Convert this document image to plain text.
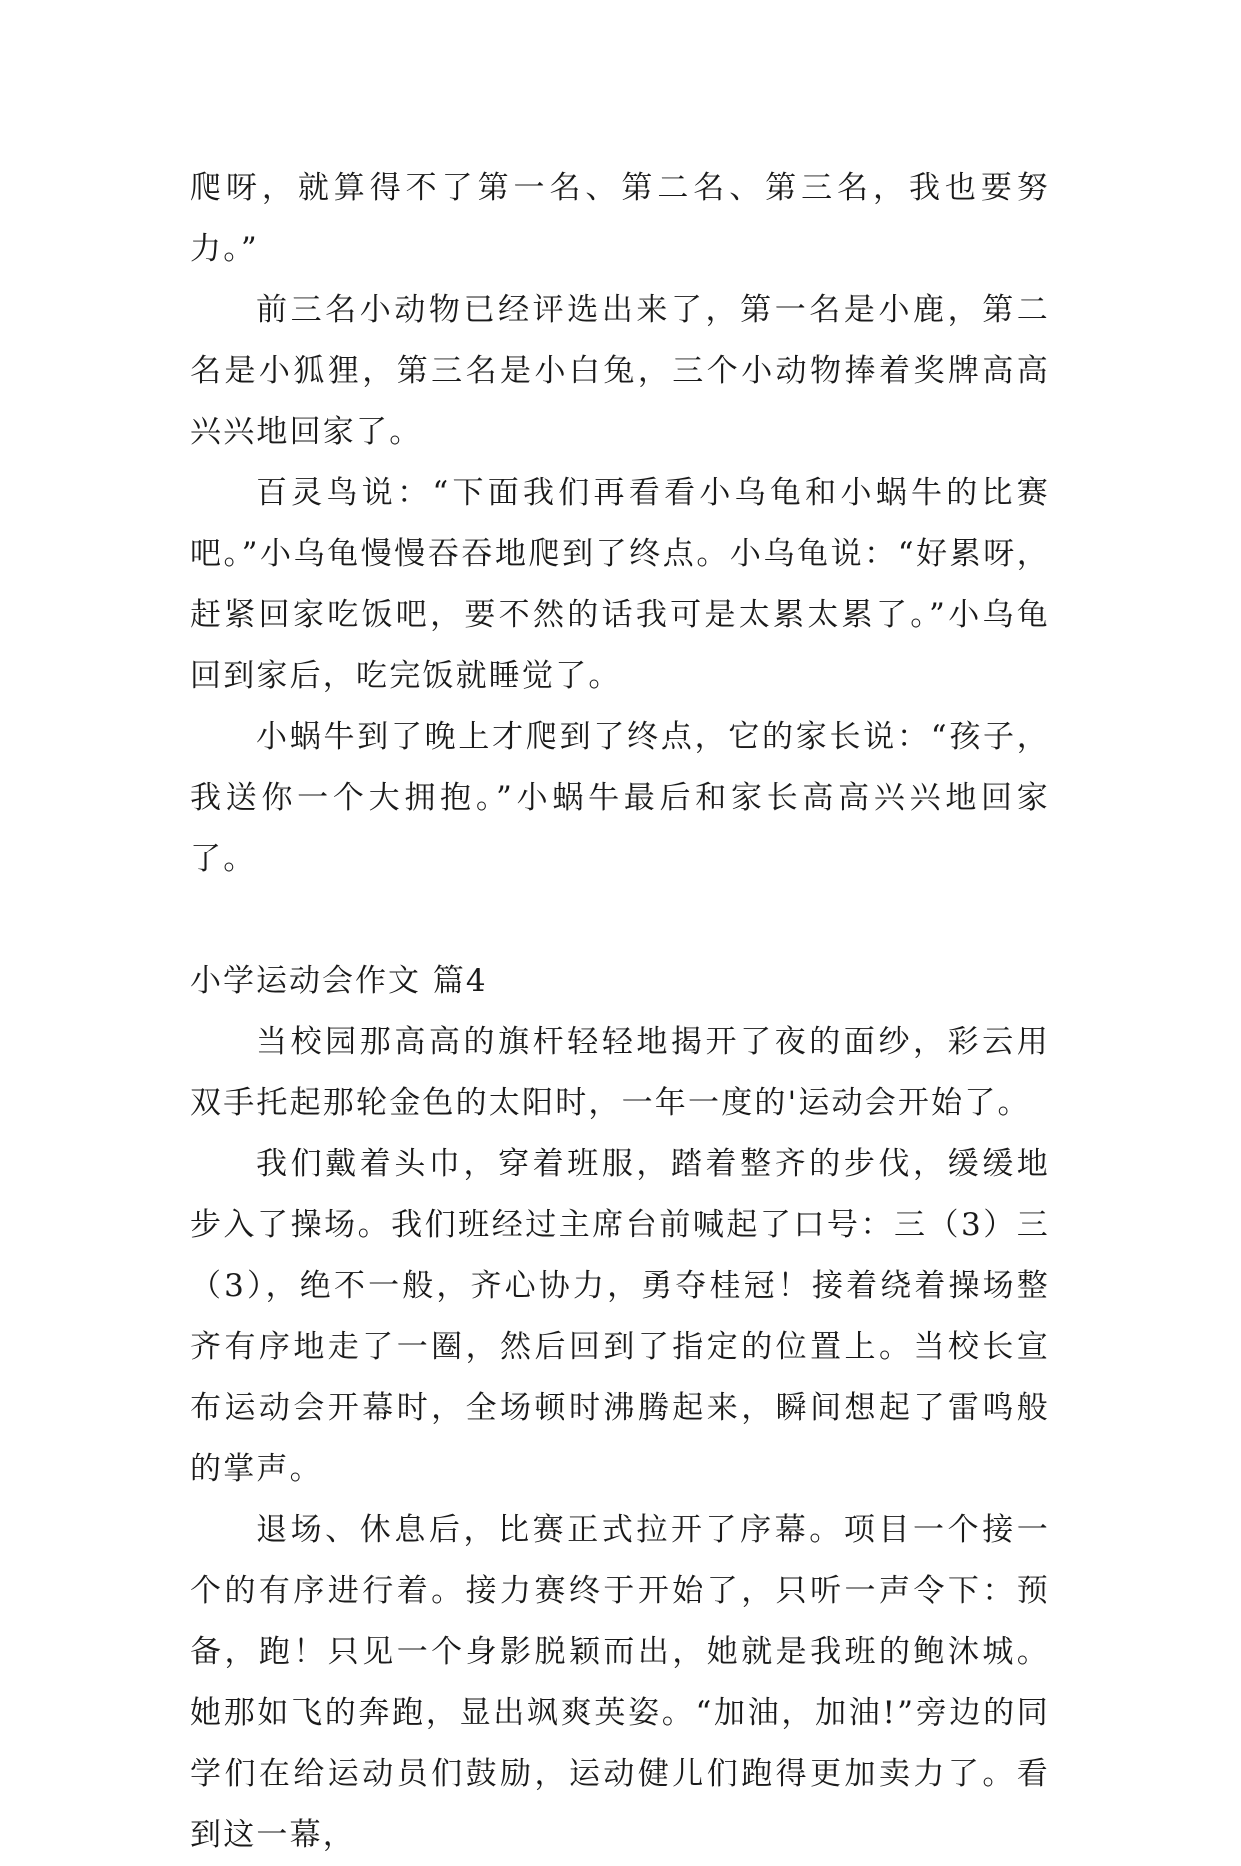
爬呀，就算得不了第一名、第二名、第三名，我也要努力。”

前三名小动物已经评选出来了，第一名是小鹿，第二名是小狐狸，第三名是小白兔，三个小动物捧着奖牌高高兴兴地回家了。

百灵鸟说：“下面我们再看看小乌龟和小蜗牛的比赛吧。”小乌龟慢慢吞吞地爬到了终点。小乌龟说：“好累呀，赶紧回家吃饭吧，要不然的话我可是太累太累了。”小乌龟回到家后，吃完饭就睡觉了。

小蜗牛到了晚上才爬到了终点，它的家长说：“孩子，我送你一个大拥抱。”小蜗牛最后和家长高高兴兴地回家了。

小学运动会作文 篇4

当校园那高高的旗杆轻轻地揭开了夜的面纱，彩云用双手托起那轮金色的太阳时，一年一度的'运动会开始了。

我们戴着头巾，穿着班服，踏着整齐的步伐，缓缓地步入了操场。我们班经过主席台前喊起了口号：三（3）三（3），绝不一般，齐心协力，勇夺桂冠！接着绕着操场整齐有序地走了一圈，然后回到了指定的位置上。当校长宣布运动会开幕时，全场顿时沸腾起来，瞬间想起了雷鸣般的掌声。

退场、休息后，比赛正式拉开了序幕。项目一个接一个的有序进行着。接力赛终于开始了，只听一声令下：预备，跑！只见一个身影脱颖而出，她就是我班的鲍沐城。她那如飞的奔跑，显出飒爽英姿。“加油，加油!”旁边的同学们在给运动员们鼓励，运动健儿们跑得更加卖力了。看到这一幕，
